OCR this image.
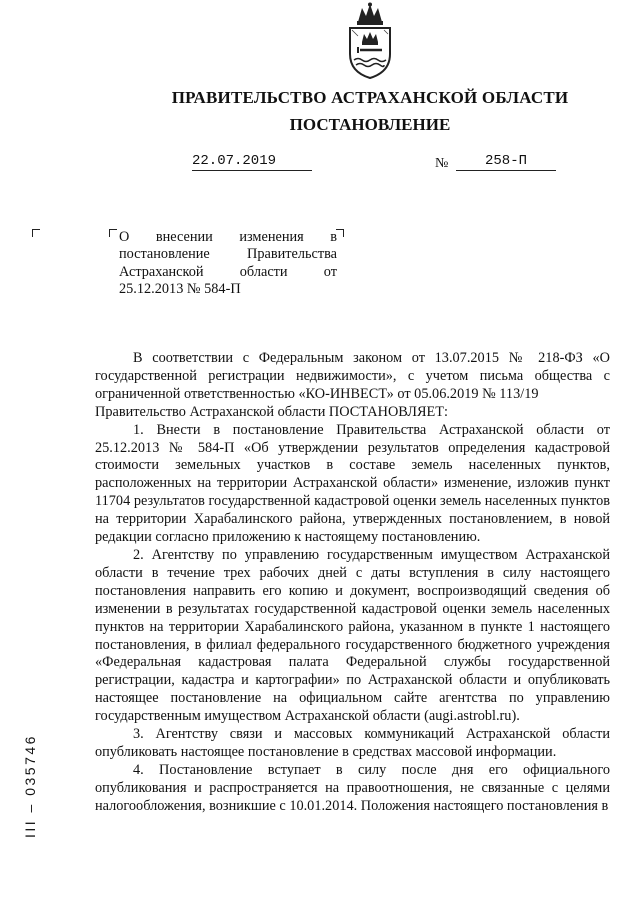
ПРАВИТЕЛЬСТВО АСТРАХАНСКОЙ ОБЛАСТИ
ПОСТАНОВЛЕНИЕ
22.07.2019	№	258-П
О внесении изменения в постановление Правительства Астраханской области от 25.12.2013 № 584-П

В соответствии с Федеральным законом от 13.07.2015 № 218-ФЗ «О государственной регистрации недвижимости», с учетом письма общества с ограниченной ответственностью «КО-ИНВЕСТ» от 05.06.2019 № 113/19

Правительство Астраханской области ПОСТАНОВЛЯЕТ:

1. Внести в постановление Правительства Астраханской области от 25.12.2013 № 584-П «Об утверждении результатов определения кадастровой стоимости земельных участков в составе земель населенных пунктов, расположенных на территории Астраханской области» изменение, изложив пункт 11704 результатов государственной кадастровой оценки земель населенных пунктов на территории Харабалинского района, утвержденных постановлением, в новой редакции согласно приложению к настоящему постановлению.

2. Агентству по управлению государственным имуществом Астраханской области в течение трех рабочих дней с даты вступления в силу настоящего постановления направить его копию и документ, воспроизводящий сведения об изменении в результатах государственной кадастровой оценки земель населенных пунктов на территории Харабалинского района, указанном в пункте 1 настоящего постановления, в филиал федерального государственного бюджетного учреждения «Федеральная кадастровая палата Федеральной службы государственной регистрации, кадастра и картографии» по Астраханской области и опубликовать настоящее постановление на официальном сайте агентства по управлению государственным имуществом Астраханской области (augi.astrobl.ru).

3. Агентству связи и массовых коммуникаций Астраханской области опубликовать настоящее постановление в средствах массовой информации.

4. Постановление вступает в силу после дня его официального опубликования и распространяется на правоотношения, не связанные с целями налогообложения, возникшие с 10.01.2014. Положения настоящего постановления в

III – 035746
